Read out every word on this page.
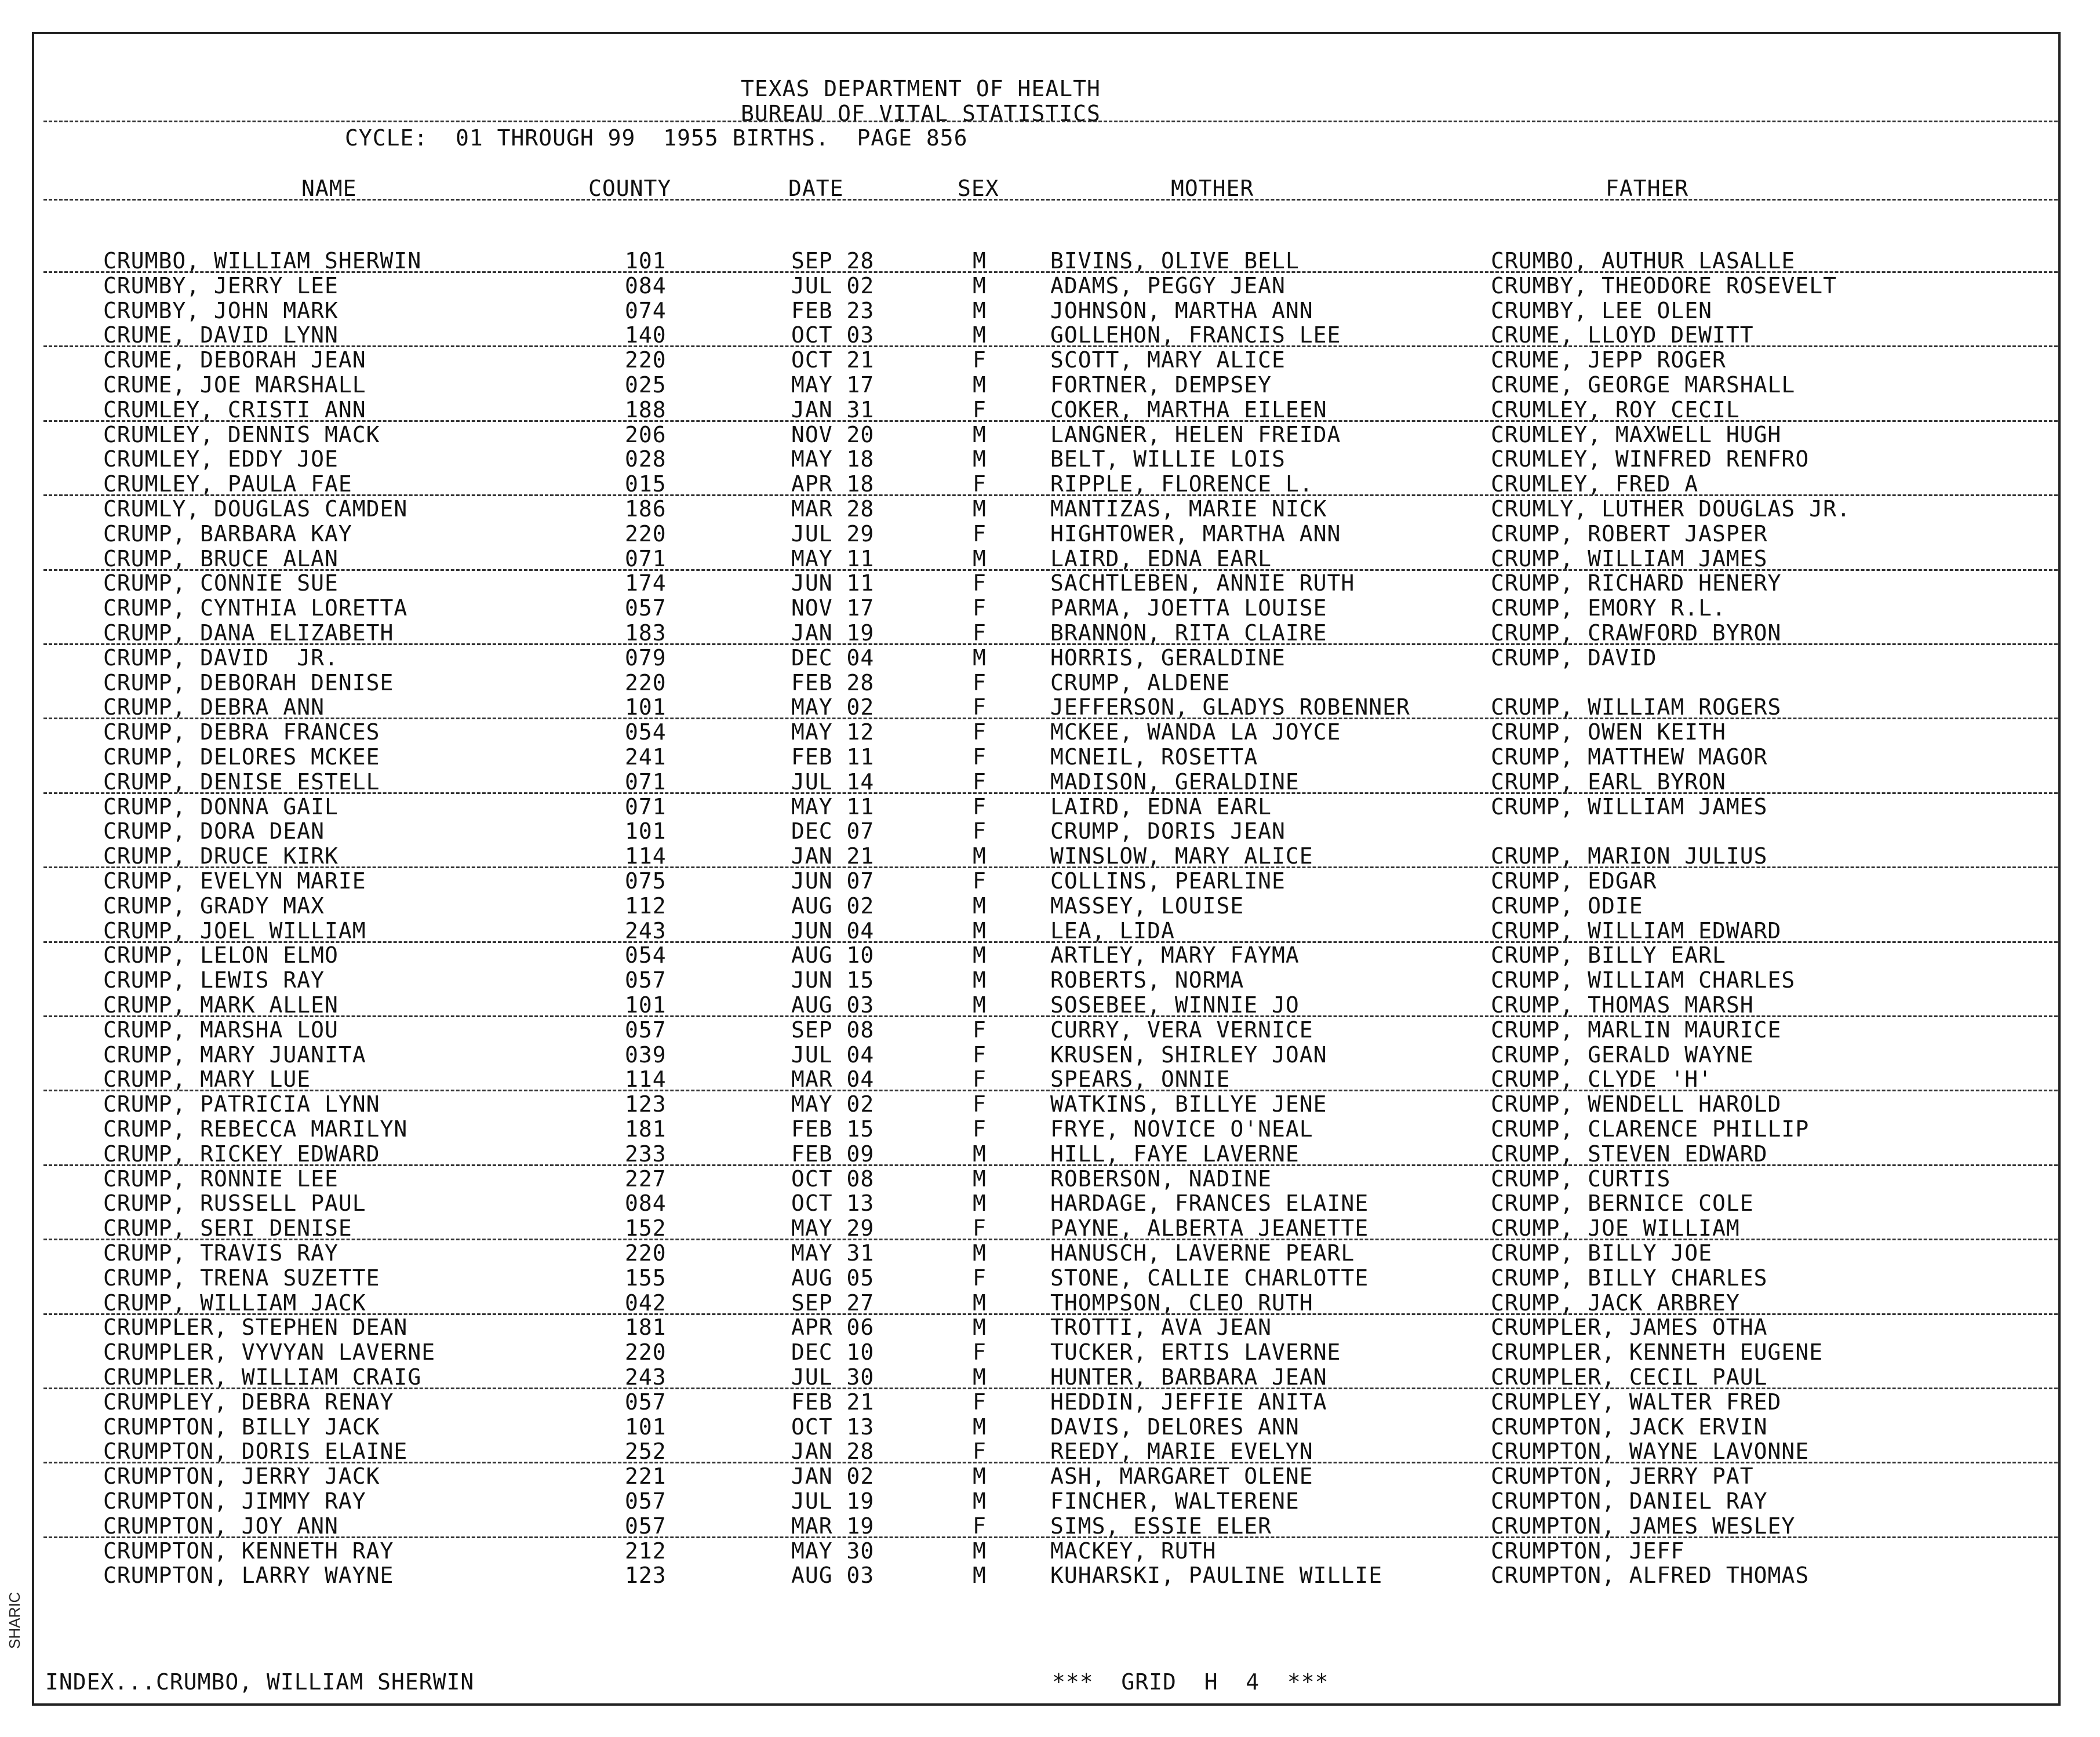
TEXAS DEPARTMENT OF HEALTH
BUREAU OF VITAL STATISTICS
CYCLE:  01 THROUGH 99  1955 BIRTHS.  PAGE 856
NAME	COUNTY	DATE	SEX	MOTHER	FATHER
CRUMBO, WILLIAM SHERWIN	101	SEP 28	M	BIVINS, OLIVE BELL	CRUMBO, AUTHUR LASALLE
CRUMBY, JERRY LEE	084	JUL 02	M	ADAMS, PEGGY JEAN	CRUMBY, THEODORE ROSEVELT
CRUMBY, JOHN MARK	074	FEB 23	M	JOHNSON, MARTHA ANN	CRUMBY, LEE OLEN
CRUME, DAVID LYNN	140	OCT 03	M	GOLLEHON, FRANCIS LEE	CRUME, LLOYD DEWITT
CRUME, DEBORAH JEAN	220	OCT 21	F	SCOTT, MARY ALICE	CRUME, JEPP ROGER
CRUME, JOE MARSHALL	025	MAY 17	M	FORTNER, DEMPSEY	CRUME, GEORGE MARSHALL
CRUMLEY, CRISTI ANN	188	JAN 31	F	COKER, MARTHA EILEEN	CRUMLEY, ROY CECIL
CRUMLEY, DENNIS MACK	206	NOV 20	M	LANGNER, HELEN FREIDA	CRUMLEY, MAXWELL HUGH
CRUMLEY, EDDY JOE	028	MAY 18	M	BELT, WILLIE LOIS	CRUMLEY, WINFRED RENFRO
CRUMLEY, PAULA FAE	015	APR 18	F	RIPPLE, FLORENCE L.	CRUMLEY, FRED A
CRUMLY, DOUGLAS CAMDEN	186	MAR 28	M	MANTIZAS, MARIE NICK	CRUMLY, LUTHER DOUGLAS JR.
CRUMP, BARBARA KAY	220	JUL 29	F	HIGHTOWER, MARTHA ANN	CRUMP, ROBERT JASPER
CRUMP, BRUCE ALAN	071	MAY 11	M	LAIRD, EDNA EARL	CRUMP, WILLIAM JAMES
CRUMP, CONNIE SUE	174	JUN 11	F	SACHTLEBEN, ANNIE RUTH	CRUMP, RICHARD HENERY
CRUMP, CYNTHIA LORETTA	057	NOV 17	F	PARMA, JOETTA LOUISE	CRUMP, EMORY R.L.
CRUMP, DANA ELIZABETH	183	JAN 19	F	BRANNON, RITA CLAIRE	CRUMP, CRAWFORD BYRON
CRUMP, DAVID  JR.	079	DEC 04	M	HORRIS, GERALDINE	CRUMP, DAVID
CRUMP, DEBORAH DENISE	220	FEB 28	F	CRUMP, ALDENE
CRUMP, DEBRA ANN	101	MAY 02	F	JEFFERSON, GLADYS ROBENNER	CRUMP, WILLIAM ROGERS
CRUMP, DEBRA FRANCES	054	MAY 12	F	MCKEE, WANDA LA JOYCE	CRUMP, OWEN KEITH
CRUMP, DELORES MCKEE	241	FEB 11	F	MCNEIL, ROSETTA	CRUMP, MATTHEW MAGOR
CRUMP, DENISE ESTELL	071	JUL 14	F	MADISON, GERALDINE	CRUMP, EARL BYRON
CRUMP, DONNA GAIL	071	MAY 11	F	LAIRD, EDNA EARL	CRUMP, WILLIAM JAMES
CRUMP, DORA DEAN	101	DEC 07	F	CRUMP, DORIS JEAN
CRUMP, DRUCE KIRK	114	JAN 21	M	WINSLOW, MARY ALICE	CRUMP, MARION JULIUS
CRUMP, EVELYN MARIE	075	JUN 07	F	COLLINS, PEARLINE	CRUMP, EDGAR
CRUMP, GRADY MAX	112	AUG 02	M	MASSEY, LOUISE	CRUMP, ODIE
CRUMP, JOEL WILLIAM	243	JUN 04	M	LEA, LIDA	CRUMP, WILLIAM EDWARD
CRUMP, LELON ELMO	054	AUG 10	M	ARTLEY, MARY FAYMA	CRUMP, BILLY EARL
CRUMP, LEWIS RAY	057	JUN 15	M	ROBERTS, NORMA	CRUMP, WILLIAM CHARLES
CRUMP, MARK ALLEN	101	AUG 03	M	SOSEBEE, WINNIE JO	CRUMP, THOMAS MARSH
CRUMP, MARSHA LOU	057	SEP 08	F	CURRY, VERA VERNICE	CRUMP, MARLIN MAURICE
CRUMP, MARY JUANITA	039	JUL 04	F	KRUSEN, SHIRLEY JOAN	CRUMP, GERALD WAYNE
CRUMP, MARY LUE	114	MAR 04	F	SPEARS, ONNIE	CRUMP, CLYDE 'H'
CRUMP, PATRICIA LYNN	123	MAY 02	F	WATKINS, BILLYE JENE	CRUMP, WENDELL HAROLD
CRUMP, REBECCA MARILYN	181	FEB 15	F	FRYE, NOVICE O'NEAL	CRUMP, CLARENCE PHILLIP
CRUMP, RICKEY EDWARD	233	FEB 09	M	HILL, FAYE LAVERNE	CRUMP, STEVEN EDWARD
CRUMP, RONNIE LEE	227	OCT 08	M	ROBERSON, NADINE	CRUMP, CURTIS
CRUMP, RUSSELL PAUL	084	OCT 13	M	HARDAGE, FRANCES ELAINE	CRUMP, BERNICE COLE
CRUMP, SERI DENISE	152	MAY 29	F	PAYNE, ALBERTA JEANETTE	CRUMP, JOE WILLIAM
CRUMP, TRAVIS RAY	220	MAY 31	M	HANUSCH, LAVERNE PEARL	CRUMP, BILLY JOE
CRUMP, TRENA SUZETTE	155	AUG 05	F	STONE, CALLIE CHARLOTTE	CRUMP, BILLY CHARLES
CRUMP, WILLIAM JACK	042	SEP 27	M	THOMPSON, CLEO RUTH	CRUMP, JACK ARBREY
CRUMPLER, STEPHEN DEAN	181	APR 06	M	TROTTI, AVA JEAN	CRUMPLER, JAMES OTHA
CRUMPLER, VYVYAN LAVERNE	220	DEC 10	F	TUCKER, ERTIS LAVERNE	CRUMPLER, KENNETH EUGENE
CRUMPLER, WILLIAM CRAIG	243	JUL 30	M	HUNTER, BARBARA JEAN	CRUMPLER, CECIL PAUL
CRUMPLEY, DEBRA RENAY	057	FEB 21	F	HEDDIN, JEFFIE ANITA	CRUMPLEY, WALTER FRED
CRUMPTON, BILLY JACK	101	OCT 13	M	DAVIS, DELORES ANN	CRUMPTON, JACK ERVIN
CRUMPTON, DORIS ELAINE	252	JAN 28	F	REEDY, MARIE EVELYN	CRUMPTON, WAYNE LAVONNE
CRUMPTON, JERRY JACK	221	JAN 02	M	ASH, MARGARET OLENE	CRUMPTON, JERRY PAT
CRUMPTON, JIMMY RAY	057	JUL 19	M	FINCHER, WALTERENE	CRUMPTON, DANIEL RAY
CRUMPTON, JOY ANN	057	MAR 19	F	SIMS, ESSIE ELER	CRUMPTON, JAMES WESLEY
CRUMPTON, KENNETH RAY	212	MAY 30	M	MACKEY, RUTH	CRUMPTON, JEFF
CRUMPTON, LARRY WAYNE	123	AUG 03	M	KUHARSKI, PAULINE WILLIE	CRUMPTON, ALFRED THOMAS
INDEX...CRUMBO, WILLIAM SHERWIN	***  GRID  H  4  ***
SHARIC
